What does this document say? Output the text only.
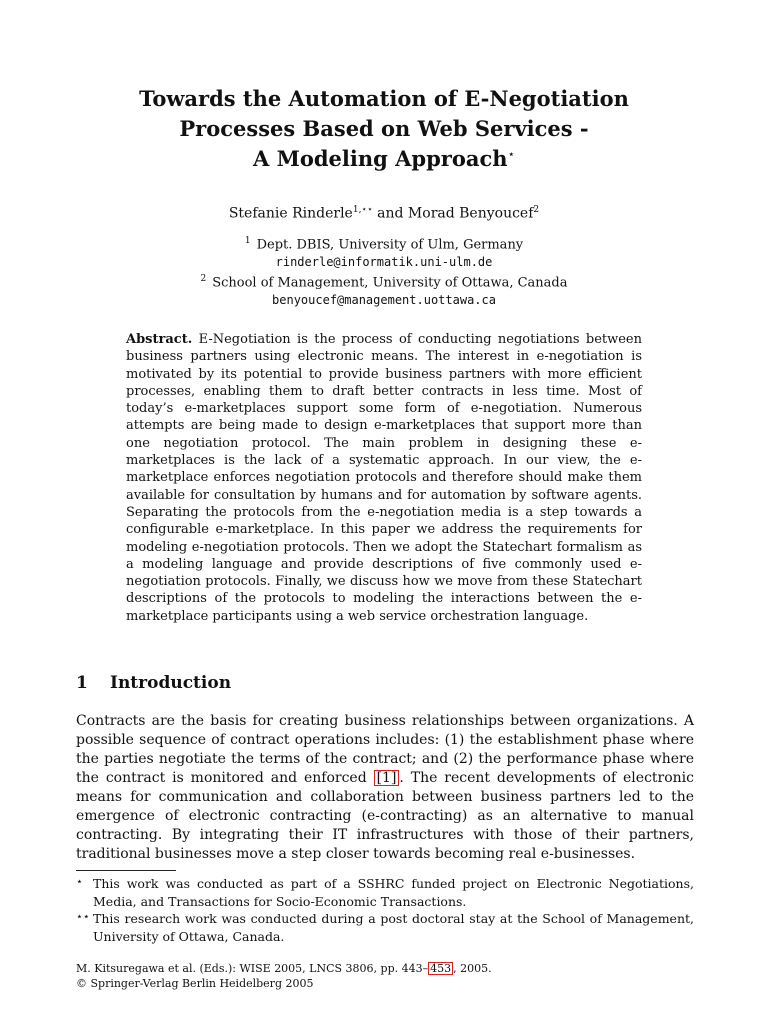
Towards the Automation of E-Negotiation
Processes Based on Web Services -
A Modeling Approach⋆
Stefanie Rinderle$^{1,⋆⋆}$ and Morad Benyoucef$^2$
$^1$ Dept. DBIS, University of Ulm, Germany
rinderle@informatik.uni-ulm.de
$^2$ School of Management, University of Ottawa, Canada
benyoucef@management.uottawa.ca
Abstract. E-Negotiation is the process of conducting negotiations between business partners using electronic means. The interest in e-negotiation is motivated by its potential to provide business partners with more efficient processes, enabling them to draft better contracts in less time. Most of today’s e-marketplaces support some form of e-negotiation. Numerous attempts are being made to design e-marketplaces that support more than one negotiation protocol. The main problem in designing these e-marketplaces is the lack of a systematic approach. In our view, the e-marketplace enforces negotiation protocols and therefore should make them available for consultation by humans and for automation by software agents. Separating the protocols from the e-negotiation media is a step towards a configurable e-marketplace. In this paper we address the requirements for modeling e-negotiation protocols. Then we adopt the Statechart formalism as a modeling language and provide descriptions of five commonly used e-negotiation protocols. Finally, we discuss how we move from these Statechart descriptions of the protocols to modeling the interactions between the e-marketplace participants using a web service orchestration language.
1 Introduction
Contracts are the basis for creating business relationships between organizations. A possible sequence of contract operations includes: (1) the establishment phase where the parties negotiate the terms of the contract; and (2) the performance phase where the contract is monitored and enforced [1] . The recent developments of electronic means for communication and collaboration between business partners led to the emergence of electronic contracting (e-contracting) as an alternative to manual contracting. By integrating their IT infrastructures with those of their partners, traditional businesses move a step closer towards becoming real e-businesses.
⋆ This work was conducted as part of a SSHRC funded project on Electronic Negotiations, Media, and Transactions for Socio-Economic Transactions.
⋆⋆ This research work was conducted during a post doctoral stay at the School of Management, University of Ottawa, Canada.
M. Kitsuregawa et al. (Eds.): WISE 2005, LNCS 3806, pp. 443– 453 , 2005.
© Springer-Verlag Berlin Heidelberg 2005
